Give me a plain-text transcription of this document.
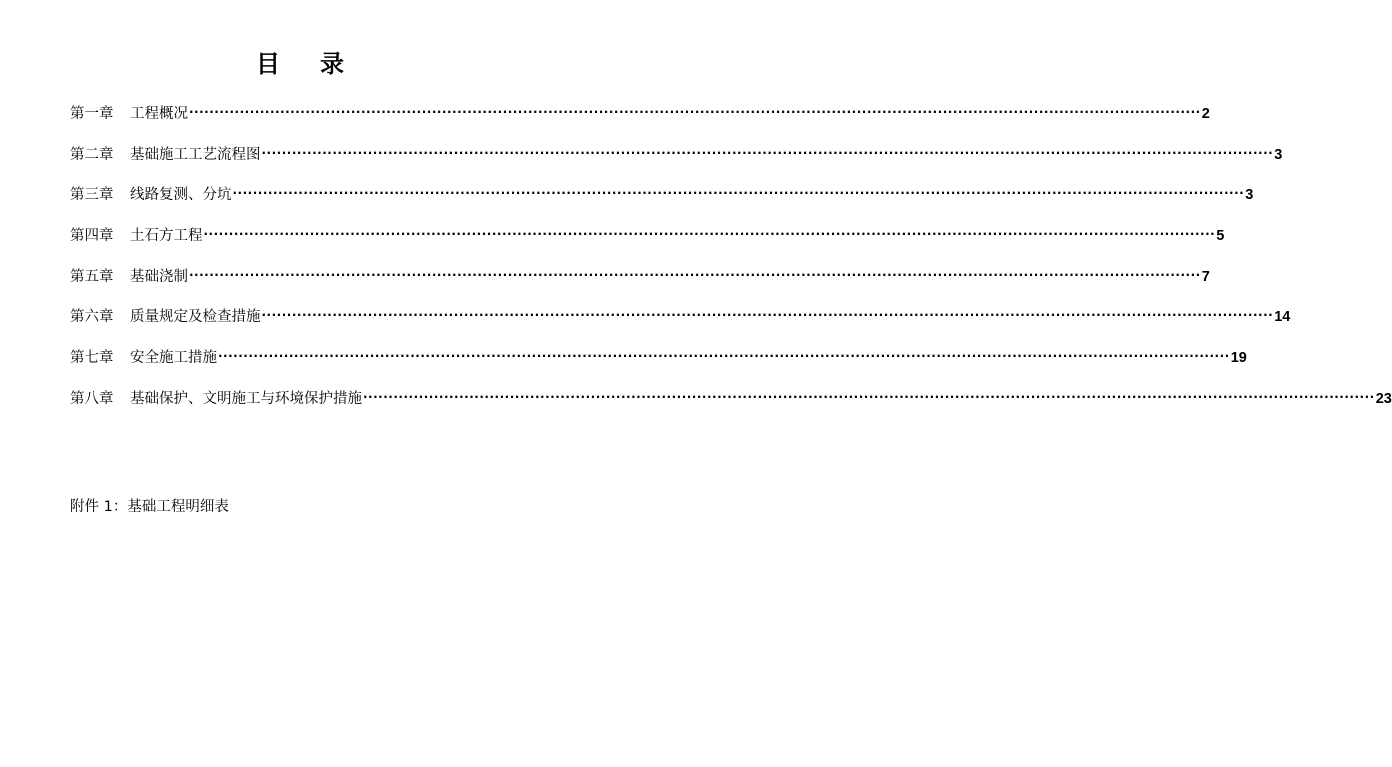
目 录
第一章	工程概况 ········································································································································································································ 2
第二章	基础施工工艺流程图 ········································································································································································································ 3
第三章	线路复测、分坑 ········································································································································································································ 3
第四章	土石方工程 ········································································································································································································ 5
第五章	基础浇制 ········································································································································································································ 7
第六章	质量规定及检查措施 ········································································································································································································ 14
第七章	安全施工措施 ········································································································································································································ 19
第八章	基础保护、文明施工与环境保护措施 ········································································································································································································ 23
附件 1：基础工程明细表
